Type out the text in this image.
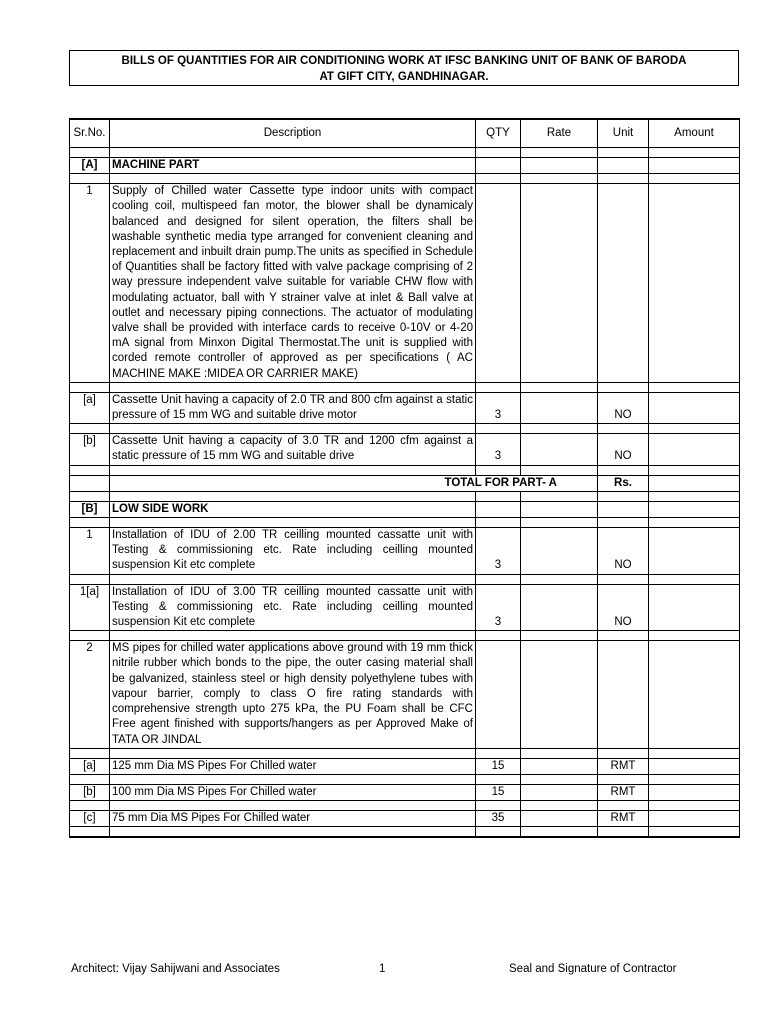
BILLS OF QUANTITIES FOR AIR CONDITIONING WORK AT IFSC BANKING UNIT OF BANK OF BARODA
AT GIFT CITY, GANDHINAGAR.
Sr.No.	Description	QTY	Rate	Unit	Amount

[A]	MACHINE PART				

1	Supply of Chilled water Cassette type indoor units with compact cooling coil, multispeed fan motor, the blower shall be dynamicaly balanced and designed for silent operation, the filters shall be washable synthetic media type arranged for convenient cleaning and replacement and inbuilt drain pump.The units as specified in Schedule of Quantities shall be factory fitted with valve package comprising of 2 way pressure independent valve suitable for variable CHW flow with modulating actuator, ball with Y strainer valve at inlet & Ball valve at outlet and necessary piping connections. The actuator of modulating valve shall be provided with interface cards to receive 0-10V or 4-20 mA signal from Minxon Digital Thermostat.The unit is supplied with corded remote controller of approved as per specifications ( AC MACHINE MAKE :MIDEA OR CARRIER MAKE)				

[a]	Cassette Unit having a capacity of 2.0 TR and 800 cfm against a static pressure of 15 mm WG and suitable drive motor	3		NO	

[b]	Cassette Unit having a capacity of 3.0 TR and 1200 cfm against a static pressure of 15 mm WG and suitable drive	3		NO	

	TOTAL FOR PART- A			Rs.	

[B]	LOW SIDE WORK				

1	Installation of IDU of 2.00 TR ceilling mounted cassatte unit with Testing & commissioning etc. Rate including ceilling mounted suspension Kit etc complete	3		NO	

1[a]	Installation of IDU of 3.00 TR ceilling mounted cassatte unit with Testing & commissioning etc. Rate including ceilling mounted suspension Kit etc complete	3		NO	

2	MS pipes for chilled water applications above ground with 19 mm thick nitrile rubber which bonds to the pipe, the outer casing material shall be galvanized, stainless steel or high density polyethylene tubes with vapour barrier, comply to class O fire rating standards with comprehensive strength upto 275 kPa, the PU Foam shall be CFC Free agent finished with supports/hangers as per Approved Make of TATA OR JINDAL				

[a]	125 mm Dia MS Pipes For Chilled water	15		RMT	

[b]	100 mm Dia MS Pipes For Chilled water	15		RMT	

[c]	75 mm Dia MS Pipes For Chilled water	35		RMT	

Architect: Vijay Sahijwani and Associates	1	Seal and Signature of Contractor
